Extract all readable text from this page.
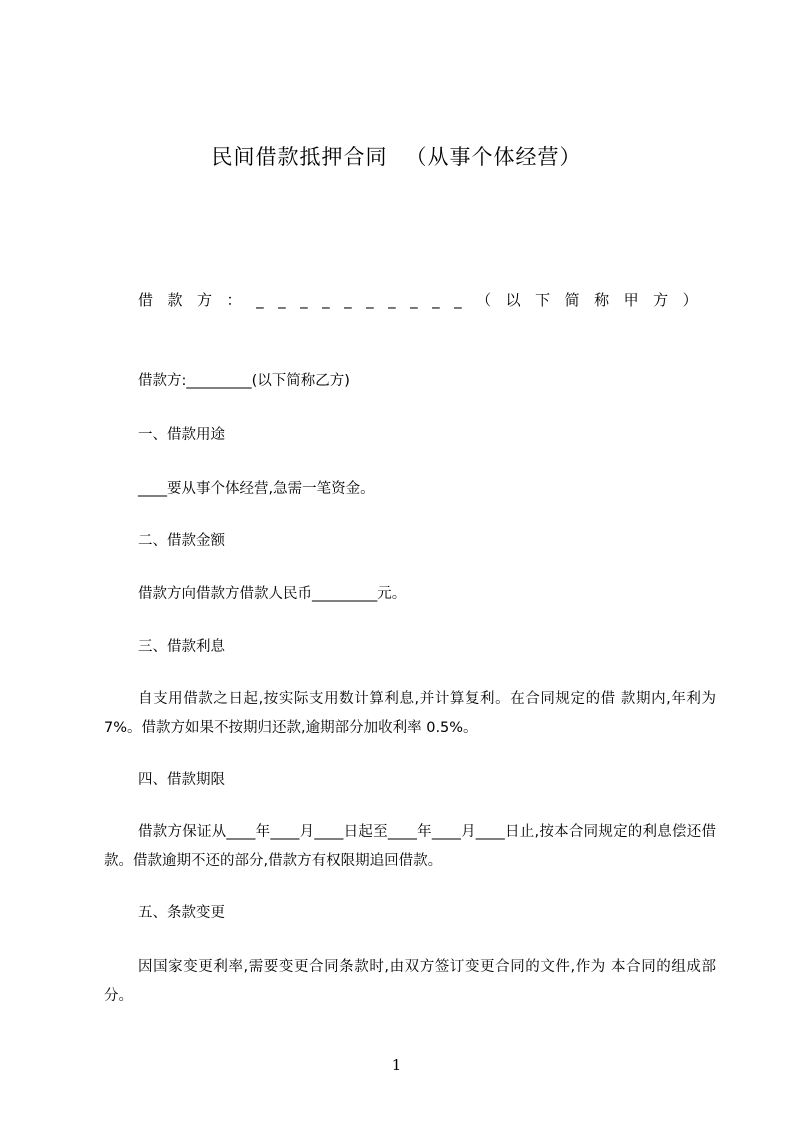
民间借款抵押合同 （从事个体经营）
借 款 方 ： _ _ _ _ _ _ _ _ _ _ （ 以 下 简 称 甲 方 ）
借款方:_________(以下简称乙方)
一、借款用途
____要从事个体经营,急需一笔资金。
二、借款金额
借款方向借款方借款人民币_________元。
三、借款利息
自支用借款之日起,按实际支用数计算利息,并计算复利。在合同规定的借 款期内,年利为 7%。借款方如果不按期归还款,逾期部分加收利率 0.5%。
四、借款期限
借款方保证从____年____月____日起至____年____月____日止,按本合同规定的利息偿还借 款。借款逾期不还的部分,借款方有权限期追回借款。
五、条款变更
因国家变更利率,需要变更合同条款时,由双方签订变更合同的文件,作为 本合同的组成部分。
1
